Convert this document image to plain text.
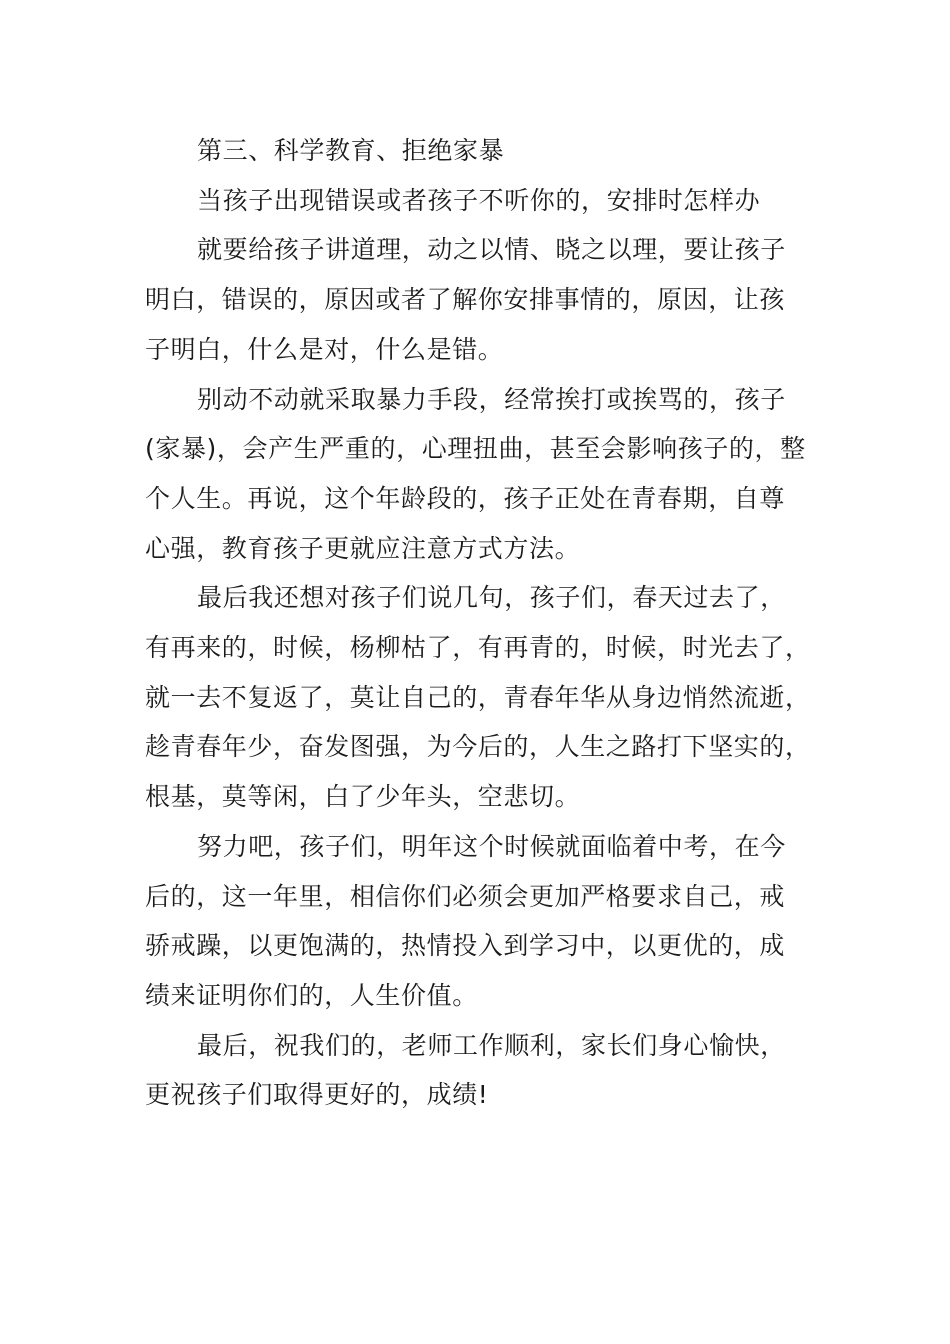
第三、科学教育、拒绝家暴
当孩子出现错误或者孩子不听你的，安排时怎样办
就要给孩子讲道理，动之以情、晓之以理，要让孩子
明白，错误的，原因或者了解你安排事情的，原因，让孩
子明白，什么是对，什么是错。
别动不动就采取暴力手段，经常挨打或挨骂的，孩子
(家暴)，会产生严重的，心理扭曲，甚至会影响孩子的，整
个人生。再说，这个年龄段的，孩子正处在青春期，自尊
心强，教育孩子更就应注意方式方法。
最后我还想对孩子们说几句，孩子们，春天过去了，
有再来的，时候，杨柳枯了，有再青的，时候，时光去了，
就一去不复返了，莫让自己的，青春年华从身边悄然流逝，
趁青春年少，奋发图强，为今后的，人生之路打下坚实的，
根基，莫等闲，白了少年头，空悲切。
努力吧，孩子们，明年这个时候就面临着中考，在今
后的，这一年里，相信你们必须会更加严格要求自己，戒
骄戒躁，以更饱满的，热情投入到学习中，以更优的，成
绩来证明你们的，人生价值。
最后，祝我们的，老师工作顺利，家长们身心愉快，
更祝孩子们取得更好的，成绩!
